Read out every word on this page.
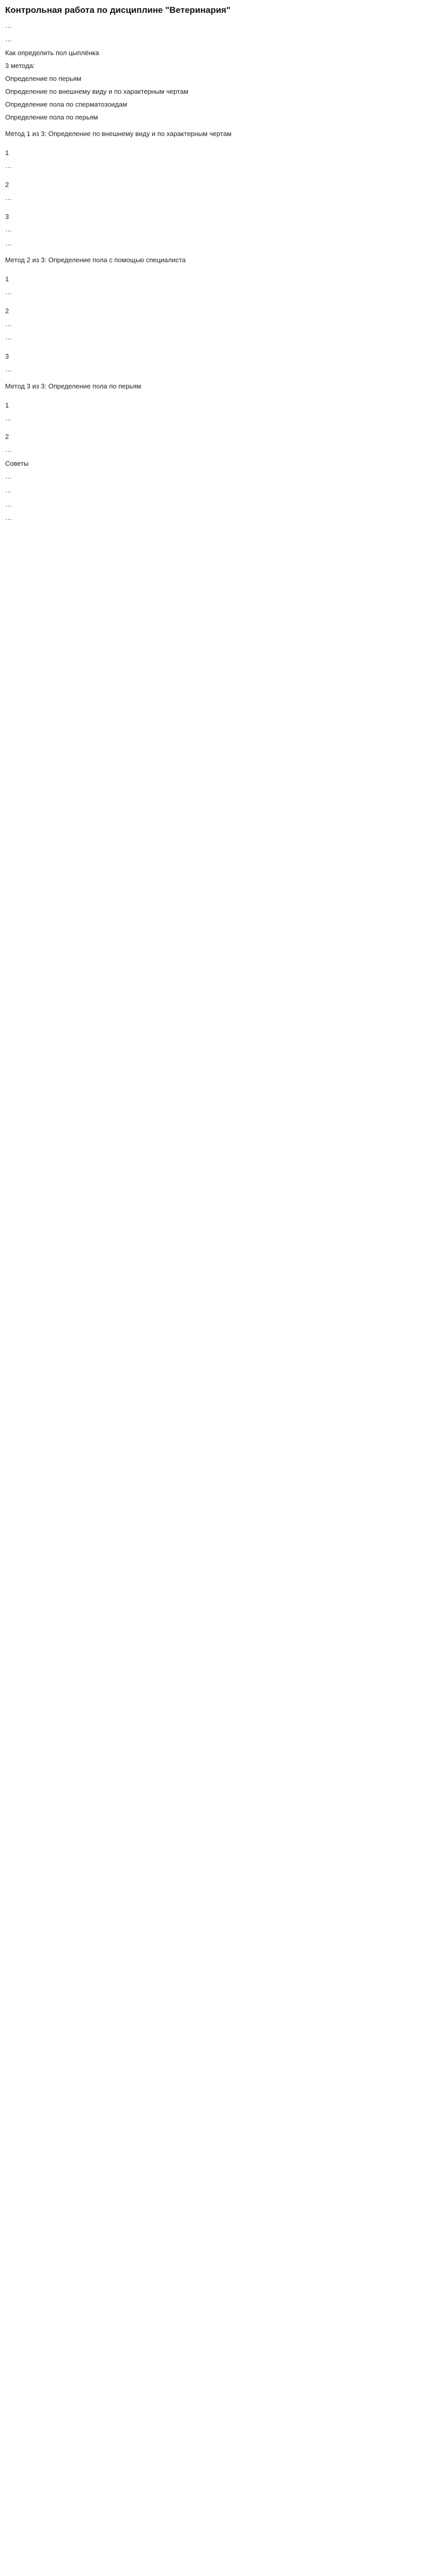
Контрольная работа по дисциплине "Ветеринария"

…

…

Как определить пол цыплёнка

3 метода:

Определение по перьям

Определение по внешнему виду и по характерным чертам

Определение пола по сперматозоидам

Определение пола по перьям

Метод 1 из 3: Определение по внешнему виду и по характерным чертам

1

…

2

…

3

…

…

Метод 2 из 3: Определение пола с помощью специалиста

1

…

2

…

…

3

…

Метод 3 из 3: Определение пола по перьям

1

…

2

…

Советы

…

…

…

…
